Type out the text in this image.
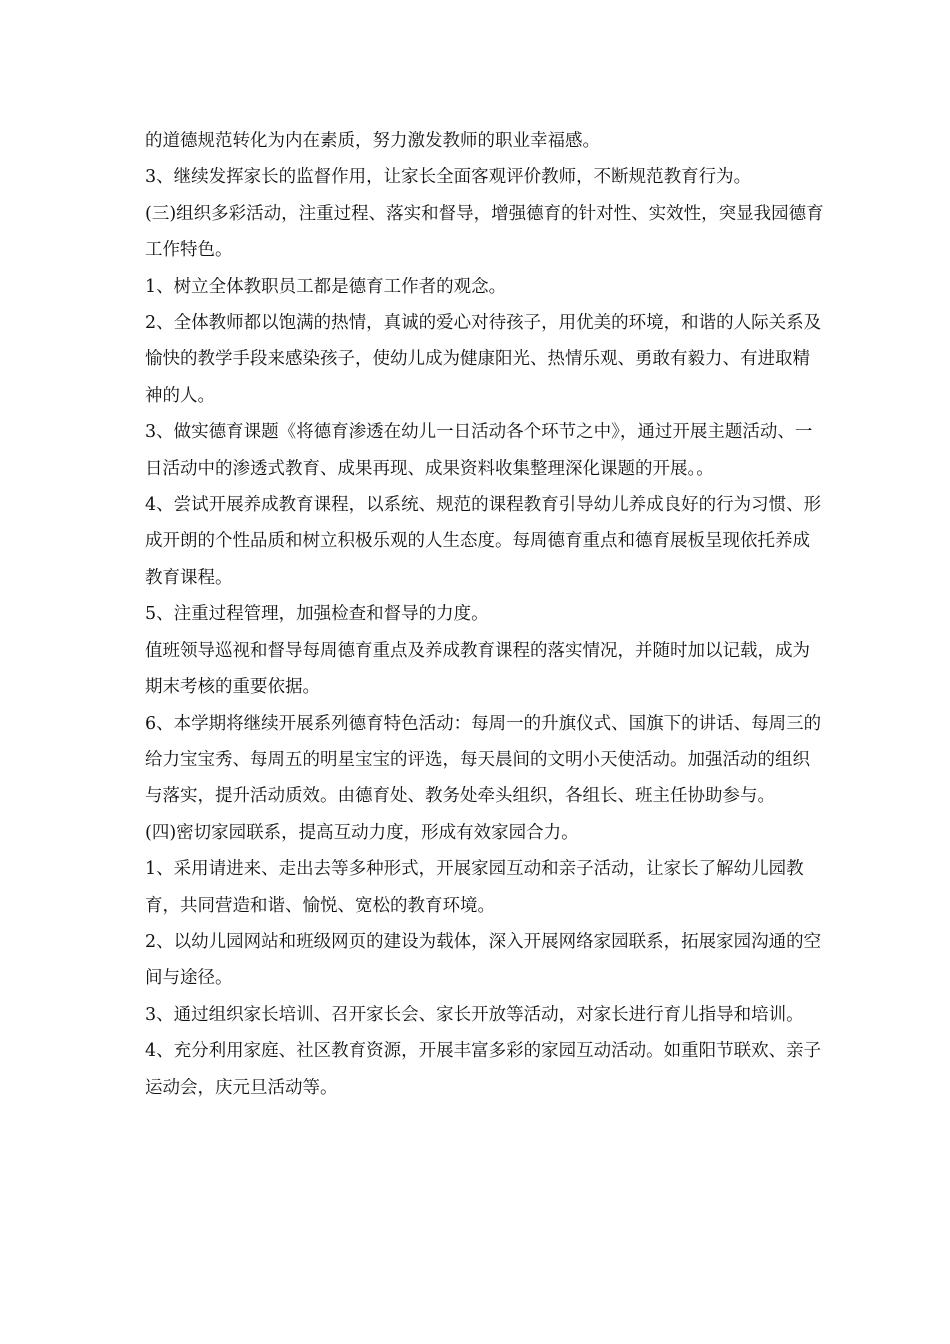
的道德规范转化为内在素质，努力激发教师的职业幸福感。

3、继续发挥家长的监督作用，让家长全面客观评价教师，不断规范教育行为。

(三)组织多彩活动，注重过程、落实和督导，增强德育的针对性、实效性，突显我园德育工作特色。

1、树立全体教职员工都是德育工作者的观念。

2、全体教师都以饱满的热情，真诚的爱心对待孩子，用优美的环境，和谐的人际关系及愉快的教学手段来感染孩子，使幼儿成为健康阳光、热情乐观、勇敢有毅力、有进取精神的人。

3、做实德育课题《将德育渗透在幼儿一日活动各个环节之中》，通过开展主题活动、一日活动中的渗透式教育、成果再现、成果资料收集整理深化课题的开展。。

4、尝试开展养成教育课程，以系统、规范的课程教育引导幼儿养成良好的行为习惯、形成开朗的个性品质和树立积极乐观的人生态度。每周德育重点和德育展板呈现依托养成教育课程。

5、注重过程管理，加强检查和督导的力度。

值班领导巡视和督导每周德育重点及养成教育课程的落实情况，并随时加以记载，成为期末考核的重要依据。

6、本学期将继续开展系列德育特色活动：每周一的升旗仪式、国旗下的讲话、每周三的给力宝宝秀、每周五的明星宝宝的评选，每天晨间的文明小天使活动。加强活动的组织与落实，提升活动质效。由德育处、教务处牵头组织，各组长、班主任协助参与。

(四)密切家园联系，提高互动力度，形成有效家园合力。

1、采用请进来、走出去等多种形式，开展家园互动和亲子活动，让家长了解幼儿园教育，共同营造和谐、愉悦、宽松的教育环境。

2、以幼儿园网站和班级网页的建设为载体，深入开展网络家园联系，拓展家园沟通的空间与途径。

3、通过组织家长培训、召开家长会、家长开放等活动，对家长进行育儿指导和培训。

4、充分利用家庭、社区教育资源，开展丰富多彩的家园互动活动。如重阳节联欢、亲子运动会，庆元旦活动等。
